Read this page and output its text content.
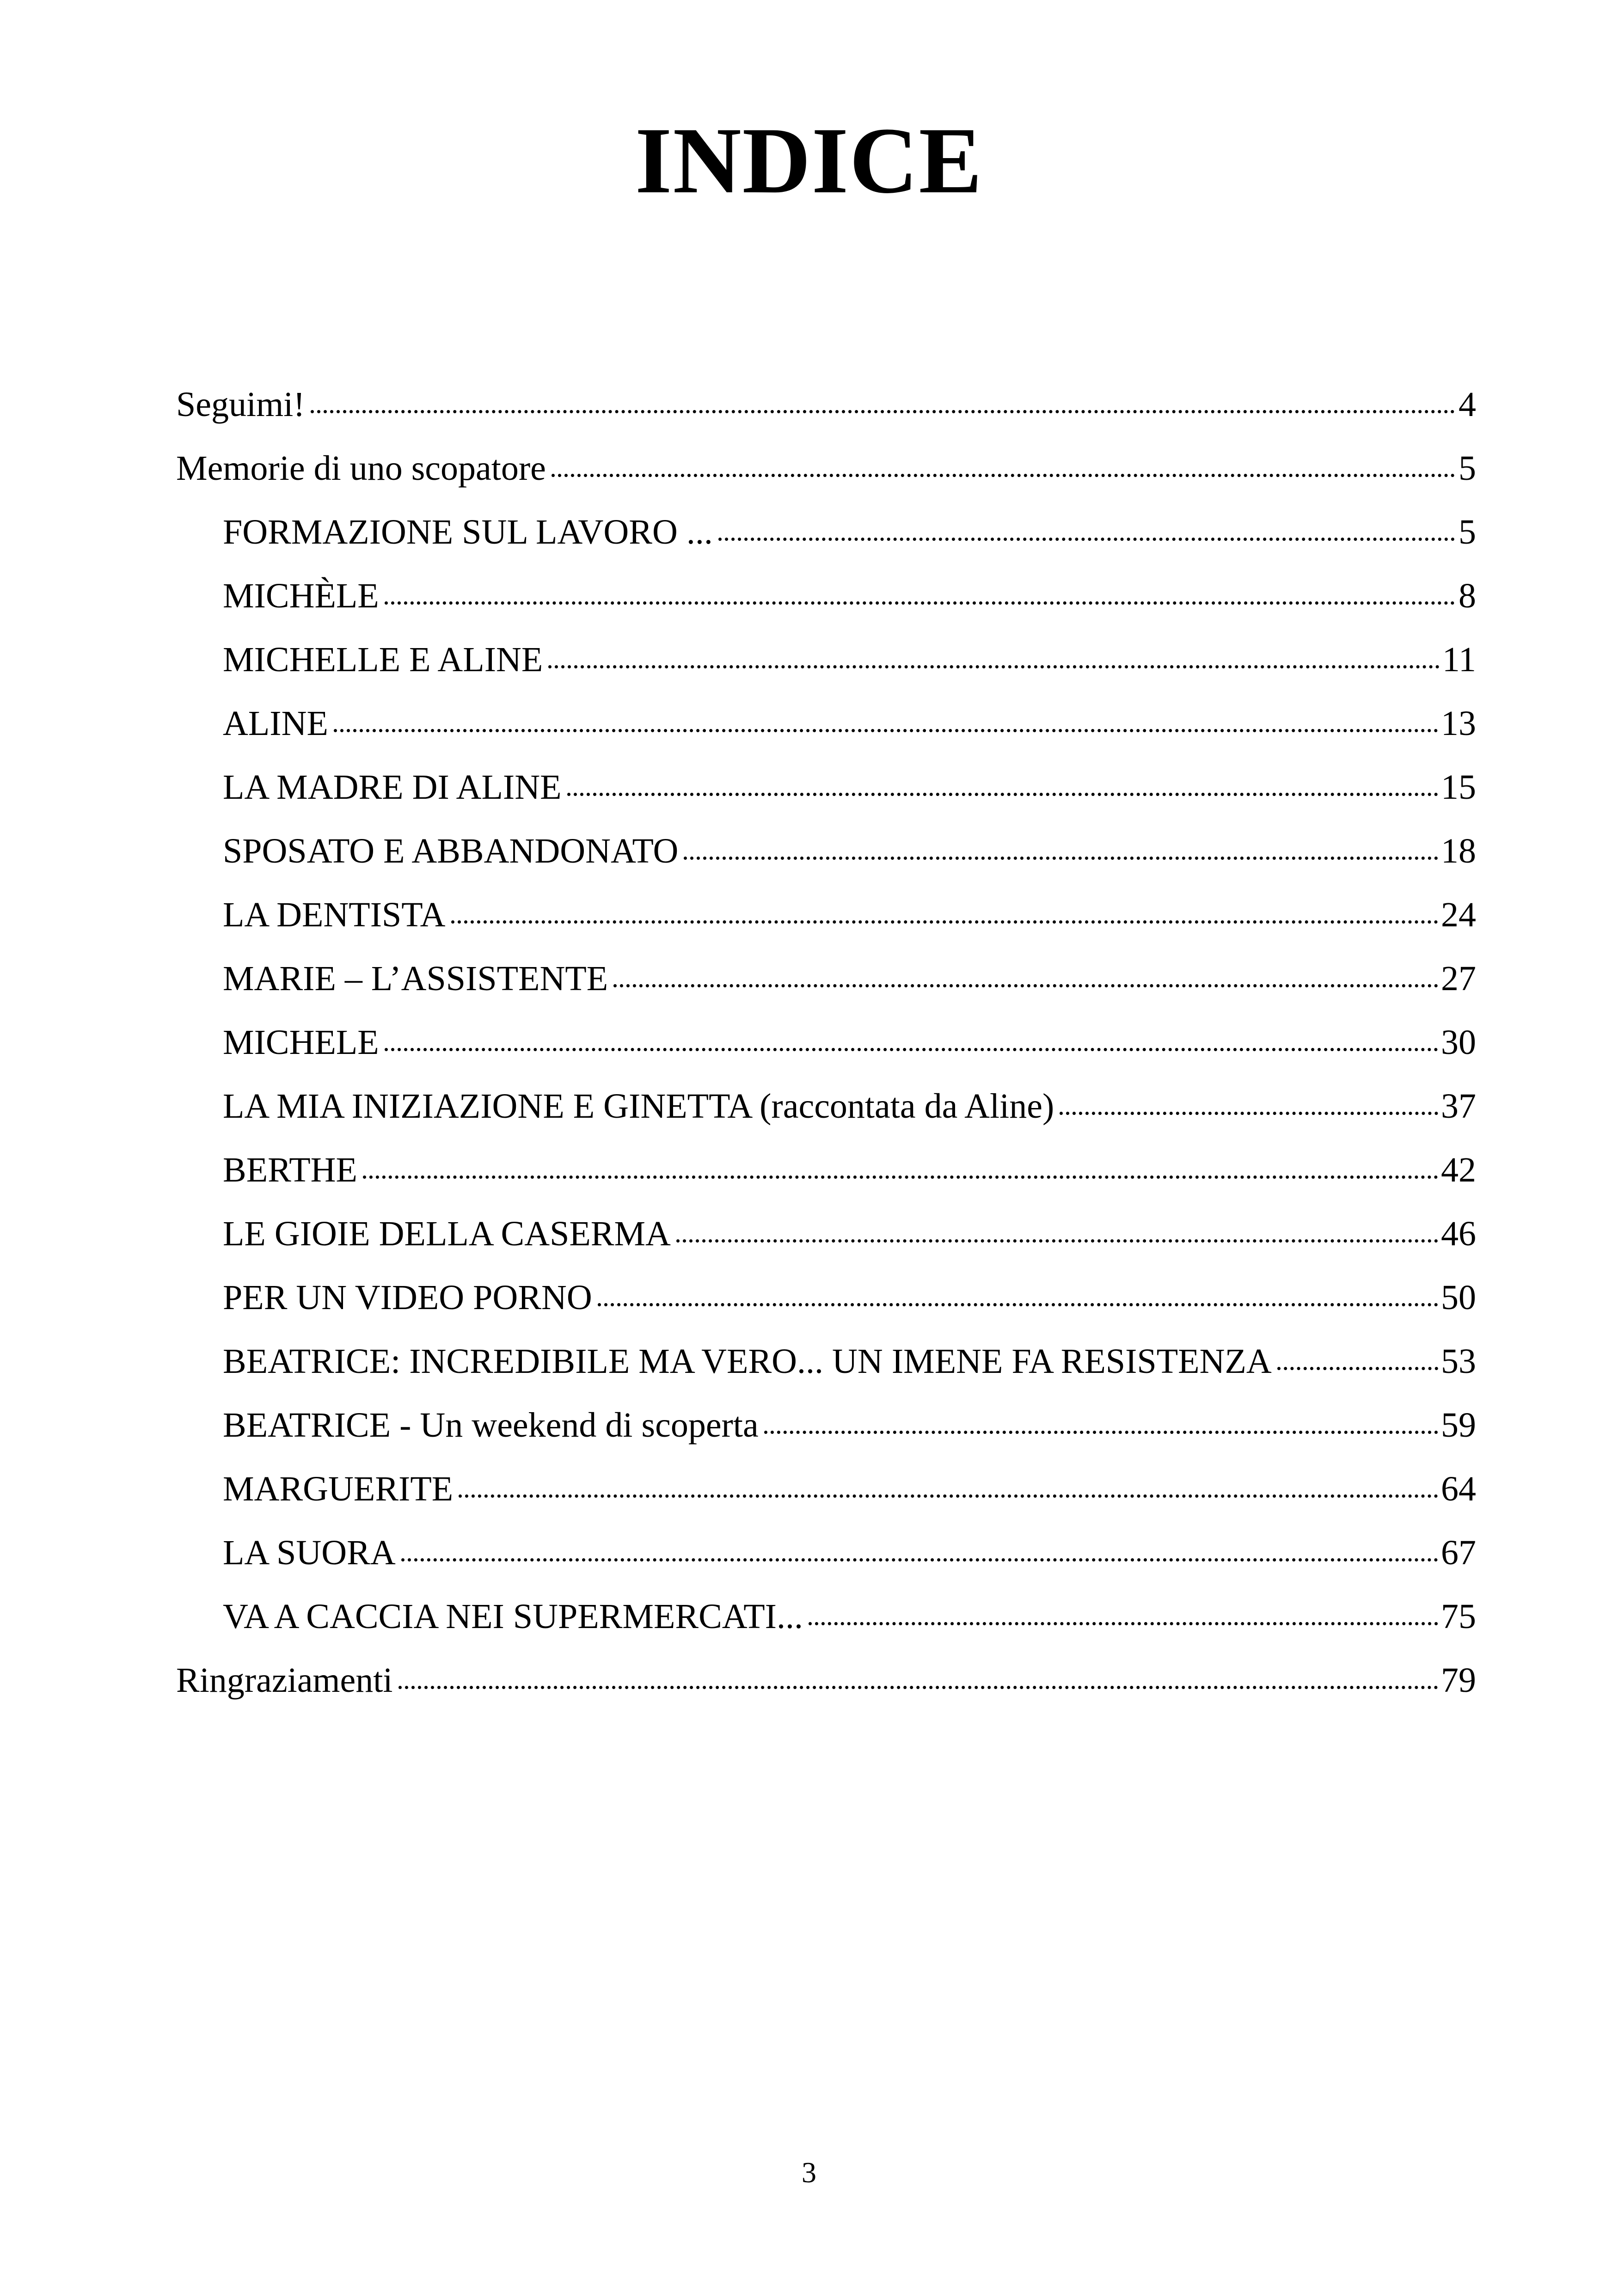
INDICE
Seguimi!	4
Memorie di uno scopatore	5
FORMAZIONE SUL LAVORO ...	5
MICHÈLE	8
MICHELLE E ALINE	11
ALINE	13
LA MADRE DI ALINE	15
SPOSATO E ABBANDONATO	18
LA DENTISTA	24
MARIE – L’ASSISTENTE	27
MICHELE	30
LA MIA INIZIAZIONE E GINETTA (raccontata da Aline)	37
BERTHE	42
LE GIOIE DELLA CASERMA	46
PER UN VIDEO PORNO	50
BEATRICE: INCREDIBILE MA VERO... UN IMENE FA RESISTENZA	53
BEATRICE - Un weekend di scoperta	59
MARGUERITE	64
LA SUORA	67
VA A CACCIA NEI SUPERMERCATI...	75
Ringraziamenti	79
3
